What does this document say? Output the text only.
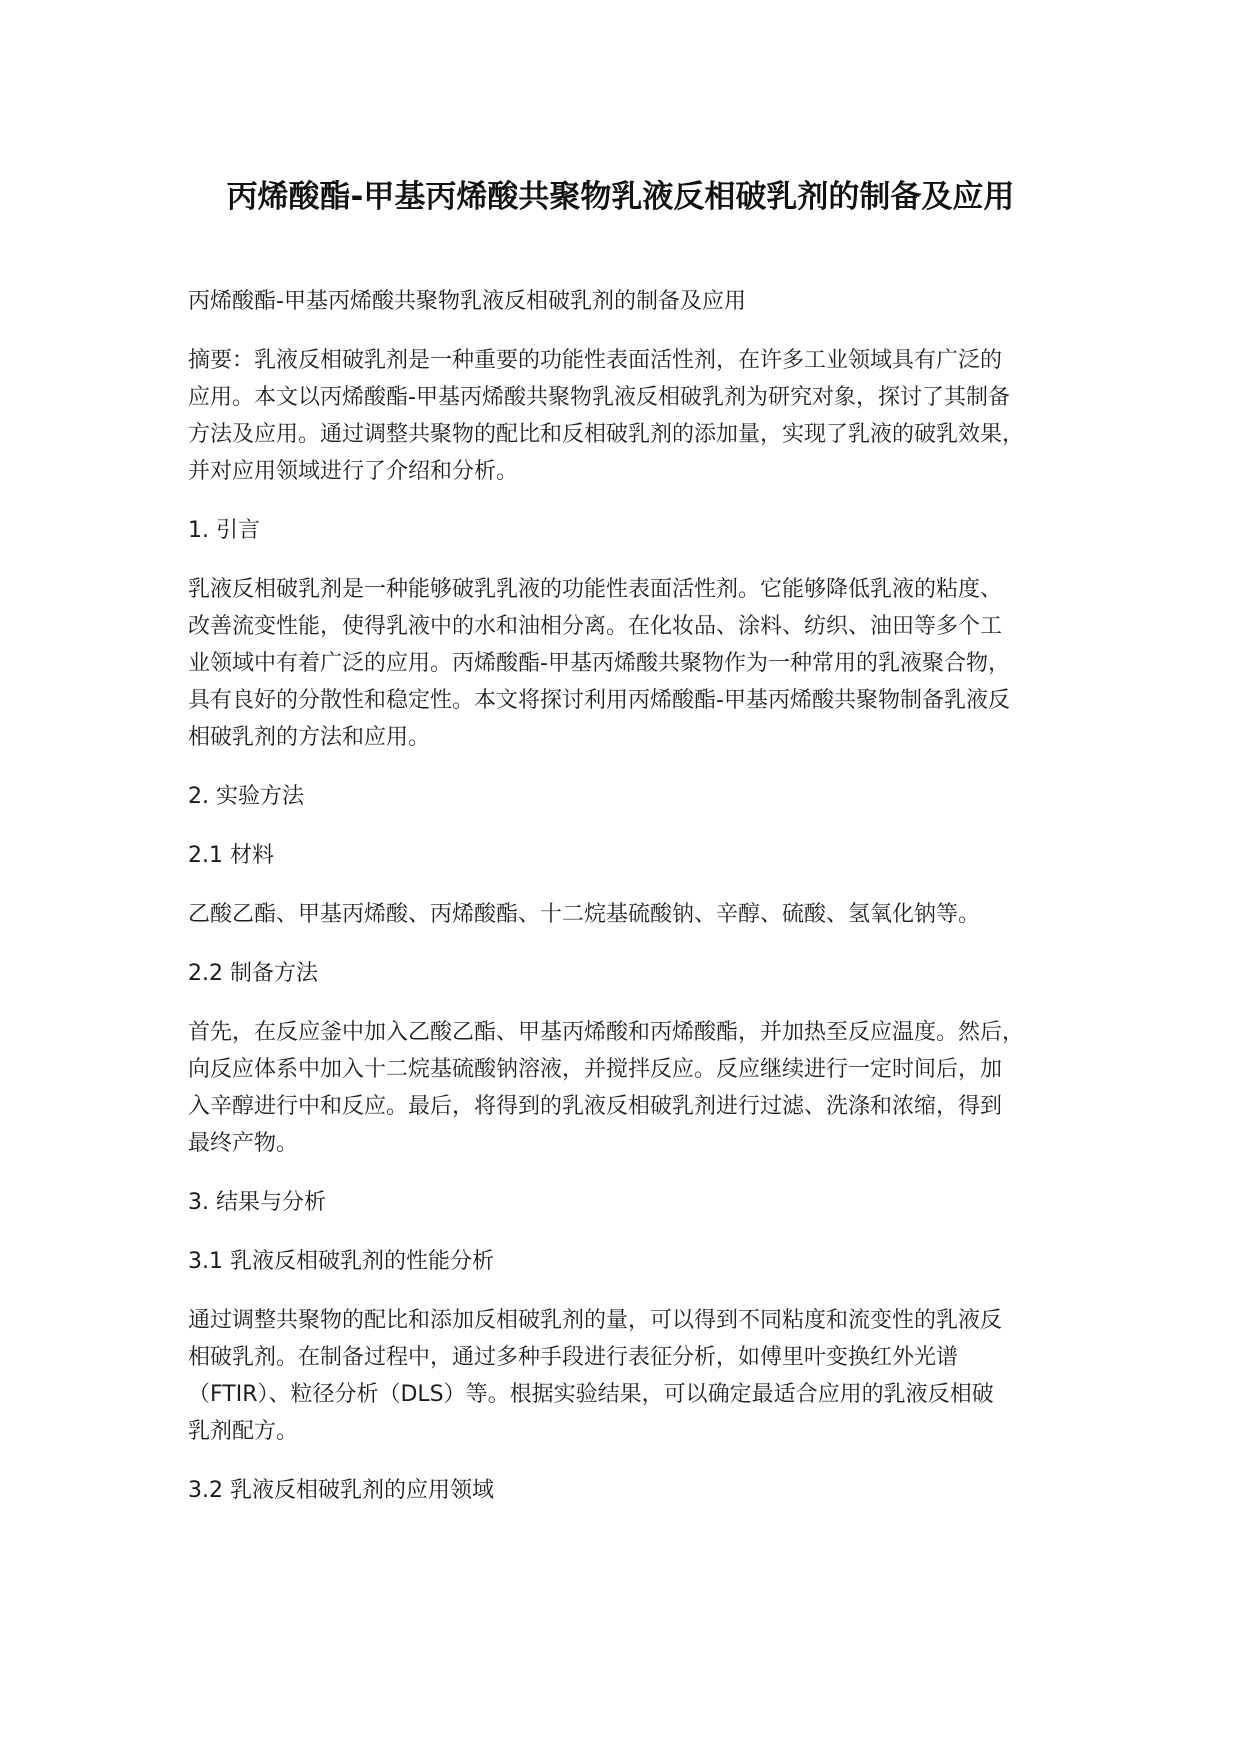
丙烯酸酯-甲基丙烯酸共聚物乳液反相破乳剂的制备及应用

丙烯酸酯-甲基丙烯酸共聚物乳液反相破乳剂的制备及应用

摘要：乳液反相破乳剂是一种重要的功能性表面活性剂，在许多工业领域具有广泛的
应用。本文以丙烯酸酯-甲基丙烯酸共聚物乳液反相破乳剂为研究对象，探讨了其制备
方法及应用。通过调整共聚物的配比和反相破乳剂的添加量，实现了乳液的破乳效果，
并对应用领域进行了介绍和分析。

1. 引言

乳液反相破乳剂是一种能够破乳乳液的功能性表面活性剂。它能够降低乳液的粘度、
改善流变性能，使得乳液中的水和油相分离。在化妆品、涂料、纺织、油田等多个工
业领域中有着广泛的应用。丙烯酸酯-甲基丙烯酸共聚物作为一种常用的乳液聚合物，
具有良好的分散性和稳定性。本文将探讨利用丙烯酸酯-甲基丙烯酸共聚物制备乳液反
相破乳剂的方法和应用。

2. 实验方法

2.1 材料

乙酸乙酯、甲基丙烯酸、丙烯酸酯、十二烷基硫酸钠、辛醇、硫酸、氢氧化钠等。

2.2 制备方法

首先，在反应釜中加入乙酸乙酯、甲基丙烯酸和丙烯酸酯，并加热至反应温度。然后，
向反应体系中加入十二烷基硫酸钠溶液，并搅拌反应。反应继续进行一定时间后，加
入辛醇进行中和反应。最后，将得到的乳液反相破乳剂进行过滤、洗涤和浓缩，得到
最终产物。

3. 结果与分析

3.1 乳液反相破乳剂的性能分析

通过调整共聚物的配比和添加反相破乳剂的量，可以得到不同粘度和流变性的乳液反
相破乳剂。在制备过程中，通过多种手段进行表征分析，如傅里叶变换红外光谱
（FTIR）、粒径分析（DLS）等。根据实验结果，可以确定最适合应用的乳液反相破
乳剂配方。

3.2 乳液反相破乳剂的应用领域
